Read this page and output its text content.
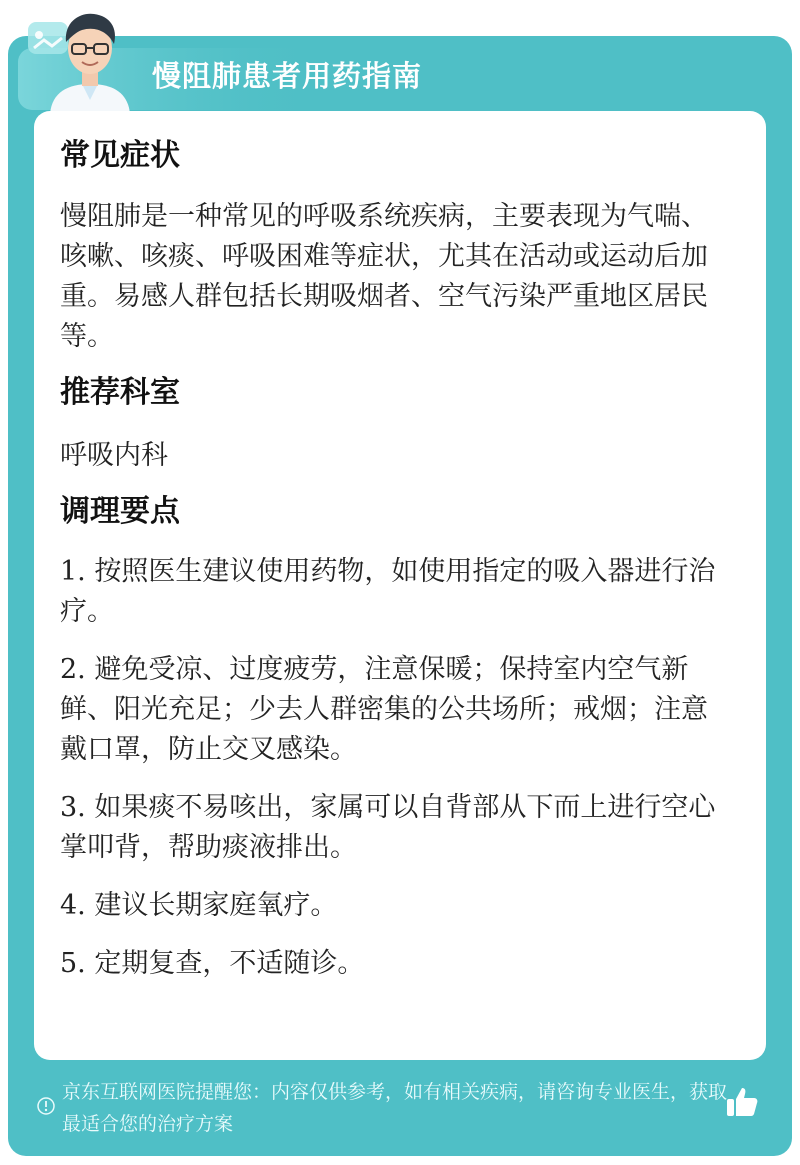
慢阻肺患者用药指南
常见症状

慢阻肺是一种常见的呼吸系统疾病，主要表现为气喘、咳嗽、咳痰、呼吸困难等症状，尤其在活动或运动后加重。易感人群包括长期吸烟者、空气污染严重地区居民等。

推荐科室

呼吸内科

调理要点

1. 按照医生建议使用药物，如使用指定的吸入器进行治疗。

2. 避免受凉、过度疲劳，注意保暖；保持室内空气新鲜、阳光充足；少去人群密集的公共场所；戒烟；注意戴口罩，防止交叉感染。

3. 如果痰不易咳出，家属可以自背部从下而上进行空心掌叩背，帮助痰液排出。

4. 建议长期家庭氧疗。

5. 定期复查，不适随诊。

京东互联网医院提醒您：内容仅供参考，如有相关疾病，请咨询专业医生，获取最适合您的治疗方案
